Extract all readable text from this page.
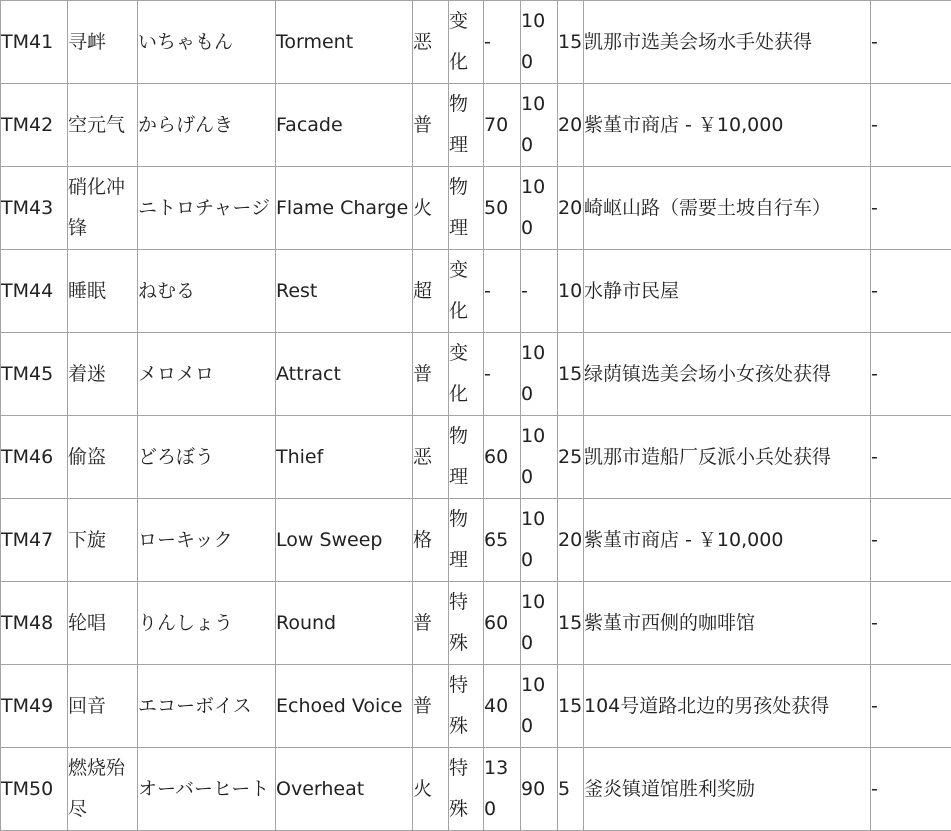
TM41	寻衅	いちゃもん	Torment	恶	变化	-	100	15	凯那市选美会场水手处获得	-
TM42	空元气	からげんき	Facade	普	物理	70	100	20	紫堇市商店 - ￥10,000	-
TM43	硝化冲锋	ニトロチャージ	Flame Charge	火	物理	50	100	20	崎岖山路（需要土坡自行车）	-
TM44	睡眠	ねむる	Rest	超	变化	-	-	10	水静市民屋	-
TM45	着迷	メロメロ	Attract	普	变化	-	100	15	绿荫镇选美会场小女孩处获得	-
TM46	偷盗	どろぼう	Thief	恶	物理	60	100	25	凯那市造船厂反派小兵处获得	-
TM47	下旋	ローキック	Low Sweep	格	物理	65	100	20	紫堇市商店 - ￥10,000	-
TM48	轮唱	りんしょう	Round	普	特殊	60	100	15	紫堇市西侧的咖啡馆	-
TM49	回音	エコーボイス	Echoed Voice	普	特殊	40	100	15	104号道路北边的男孩处获得	-
TM50	燃烧殆尽	オーバーヒート	Overheat	火	特殊	130	90	5	釜炎镇道馆胜利奖励	-
